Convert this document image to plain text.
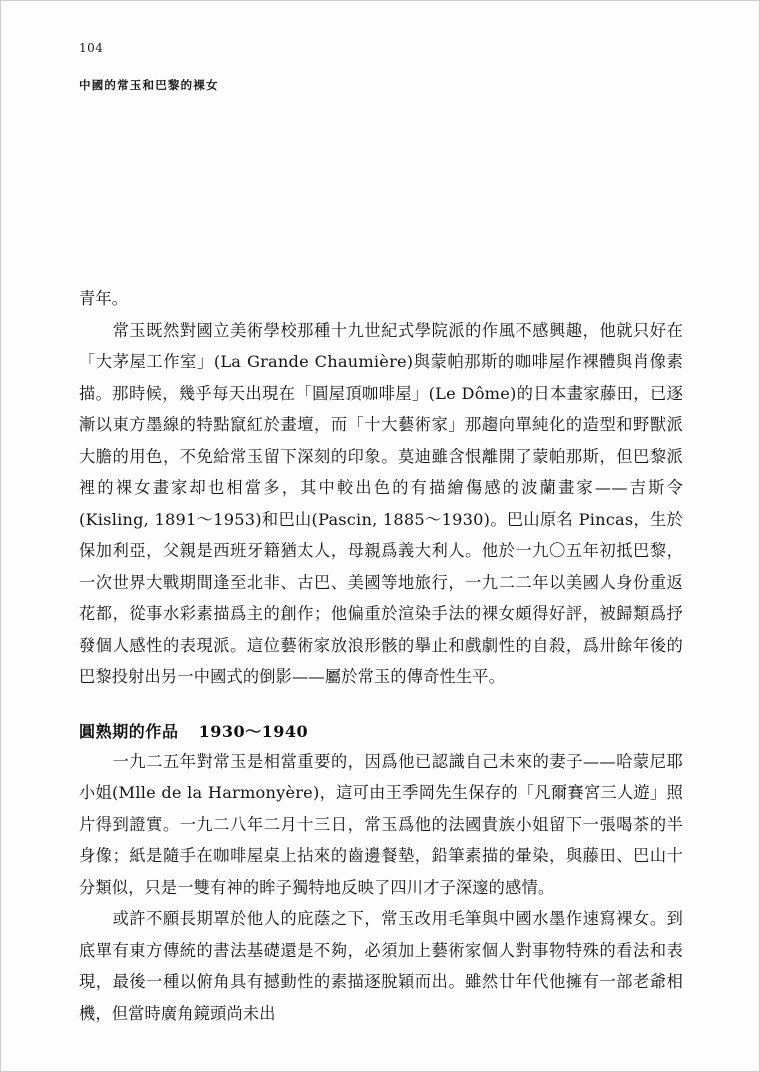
104
中國的常玉和巴黎的裸女

青年。

　　常玉既然對國立美術學校那種十九世紀式學院派的作風不感興趣，他就只好在「大茅屋工作室」(La Grande Chaumière)與蒙帕那斯的咖啡屋作裸體與肖像素描。那時候，幾乎每天出現在「圓屋頂咖啡屋」(Le Dôme)的日本畫家藤田，已逐漸以東方墨線的特點竄紅於畫壇，而「十大藝術家」那趨向單純化的造型和野獸派大膽的用色，不免給常玉留下深刻的印象。莫迪雖含恨離開了蒙帕那斯，但巴黎派裡的裸女畫家却也相當多，其中較出色的有描繪傷感的波蘭畫家——吉斯令(Kisling, 1891～1953)和巴山(Pascin, 1885～1930)。巴山原名 Pincas，生於保加利亞，父親是西班牙籍猶太人，母親爲義大利人。他於一九〇五年初抵巴黎，一次世界大戰期間逢至北非、古巴、美國等地旅行，一九二二年以美國人身份重返花都，從事水彩素描爲主的創作；他偏重於渲染手法的裸女頗得好評，被歸類爲抒發個人感性的表現派。這位藝術家放浪形骸的擧止和戲劇性的自殺，爲卅餘年後的巴黎投射出另一中國式的倒影——屬於常玉的傳奇性生平。

圓熟期的作品 1930～1940

　　一九二五年對常玉是相當重要的，因爲他已認識自己未來的妻子——哈蒙尼耶小姐(Mlle de la Harmonyère)，這可由王季岡先生保存的「凡爾賽宮三人遊」照片得到證實。一九二八年二月十三日，常玉爲他的法國貴族小姐留下一張喝茶的半身像；紙是隨手在咖啡屋桌上拈來的齒邊餐墊，鉛筆素描的暈染，與藤田、巴山十分類似，只是一雙有神的眸子獨特地反映了四川才子深邃的感情。

　　或許不願長期罩於他人的庇蔭之下，常玉改用毛筆與中國水墨作速寫裸女。到底單有東方傳統的書法基礎還是不夠，必須加上藝術家個人對事物特殊的看法和表現，最後一種以俯角具有撼動性的素描逐脫穎而出。雖然廿年代他擁有一部老爺相機，但當時廣角鏡頭尚未出
